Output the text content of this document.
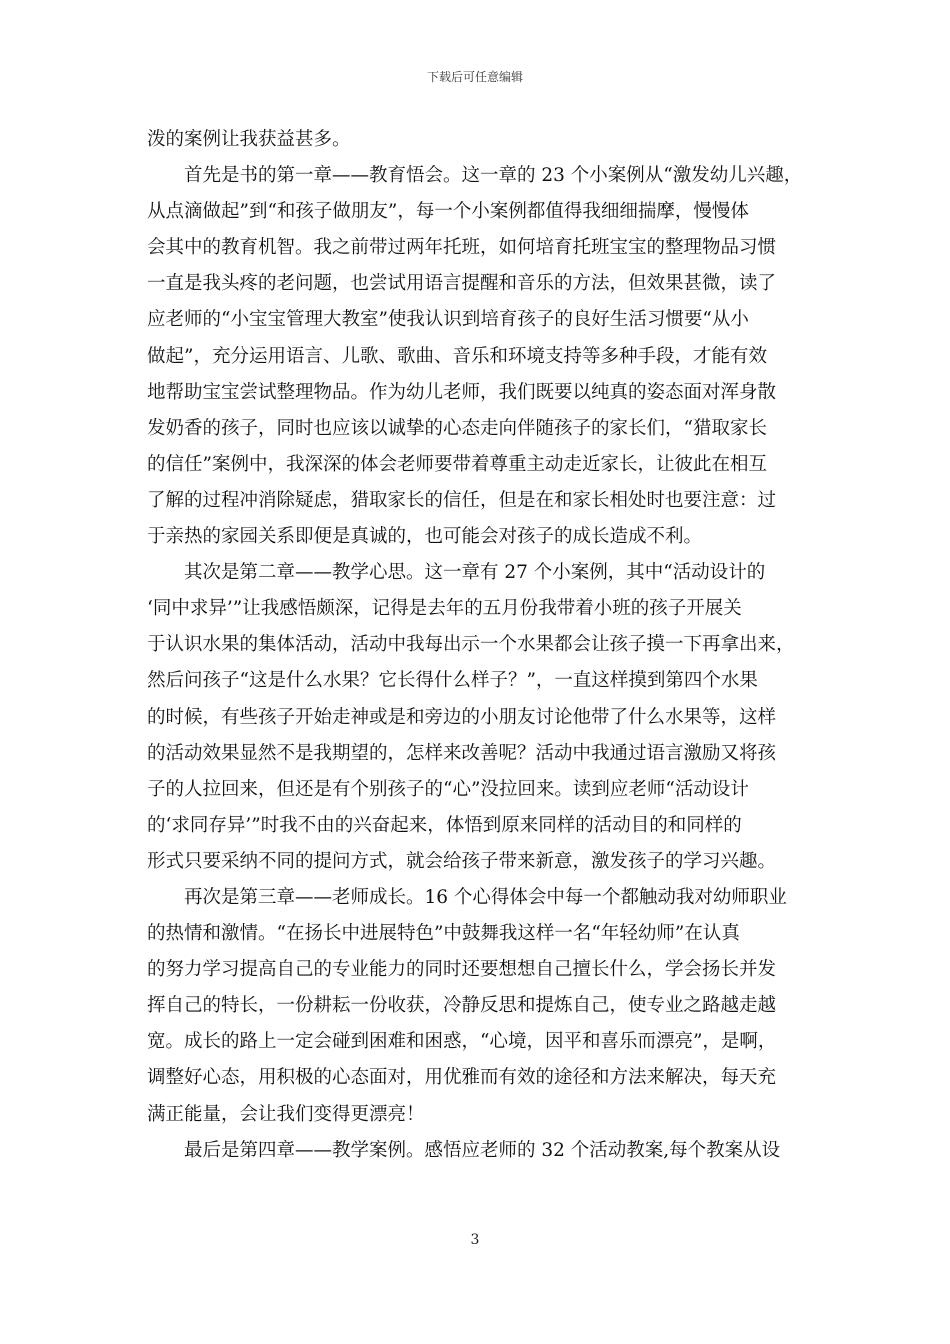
下载后可任意编辑
泼的案例让我获益甚多。
首先是书的第一章——教育悟会。这一章的 23 个小案例从“激发幼儿兴趣，
从点滴做起”到“和孩子做朋友”，每一个小案例都值得我细细揣摩，慢慢体
会其中的教育机智。我之前带过两年托班，如何培育托班宝宝的整理物品习惯
一直是我头疼的老问题，也尝试用语言提醒和音乐的方法，但效果甚微，读了
应老师的“小宝宝管理大教室”使我认识到培育孩子的良好生活习惯要“从小
做起”，充分运用语言、儿歌、歌曲、音乐和环境支持等多种手段，才能有效
地帮助宝宝尝试整理物品。作为幼儿老师，我们既要以纯真的姿态面对浑身散
发奶香的孩子，同时也应该以诚挚的心态走向伴随孩子的家长们，“猎取家长
的信任”案例中，我深深的体会老师要带着尊重主动走近家长，让彼此在相互
了解的过程冲消除疑虑，猎取家长的信任，但是在和家长相处时也要注意：过
于亲热的家园关系即便是真诚的，也可能会对孩子的成长造成不利。
其次是第二章——教学心思。这一章有 27 个小案例，其中“活动设计的
‘同中求异’”让我感悟颇深，记得是去年的五月份我带着小班的孩子开展关
于认识水果的集体活动，活动中我每出示一个水果都会让孩子摸一下再拿出来，
然后问孩子“这是什么水果？它长得什么样子？”，一直这样摸到第四个水果
的时候，有些孩子开始走神或是和旁边的小朋友讨论他带了什么水果等，这样
的活动效果显然不是我期望的，怎样来改善呢？活动中我通过语言激励又将孩
子的人拉回来，但还是有个别孩子的“心”没拉回来。读到应老师“活动设计
的‘求同存异’”时我不由的兴奋起来，体悟到原来同样的活动目的和同样的
形式只要采纳不同的提问方式，就会给孩子带来新意，激发孩子的学习兴趣。
再次是第三章——老师成长。16 个心得体会中每一个都触动我对幼师职业
的热情和激情。“在扬长中进展特色”中鼓舞我这样一名“年轻幼师”在认真
的努力学习提高自己的专业能力的同时还要想想自己擅长什么，学会扬长并发
挥自己的特长，一份耕耘一份收获，冷静反思和提炼自己，使专业之路越走越
宽。成长的路上一定会碰到困难和困惑，“心境，因平和喜乐而漂亮”，是啊，
调整好心态，用积极的心态面对，用优雅而有效的途径和方法来解决，每天充
满正能量，会让我们变得更漂亮！
最后是第四章——教学案例。感悟应老师的 32 个活动教案,每个教案从设
3
